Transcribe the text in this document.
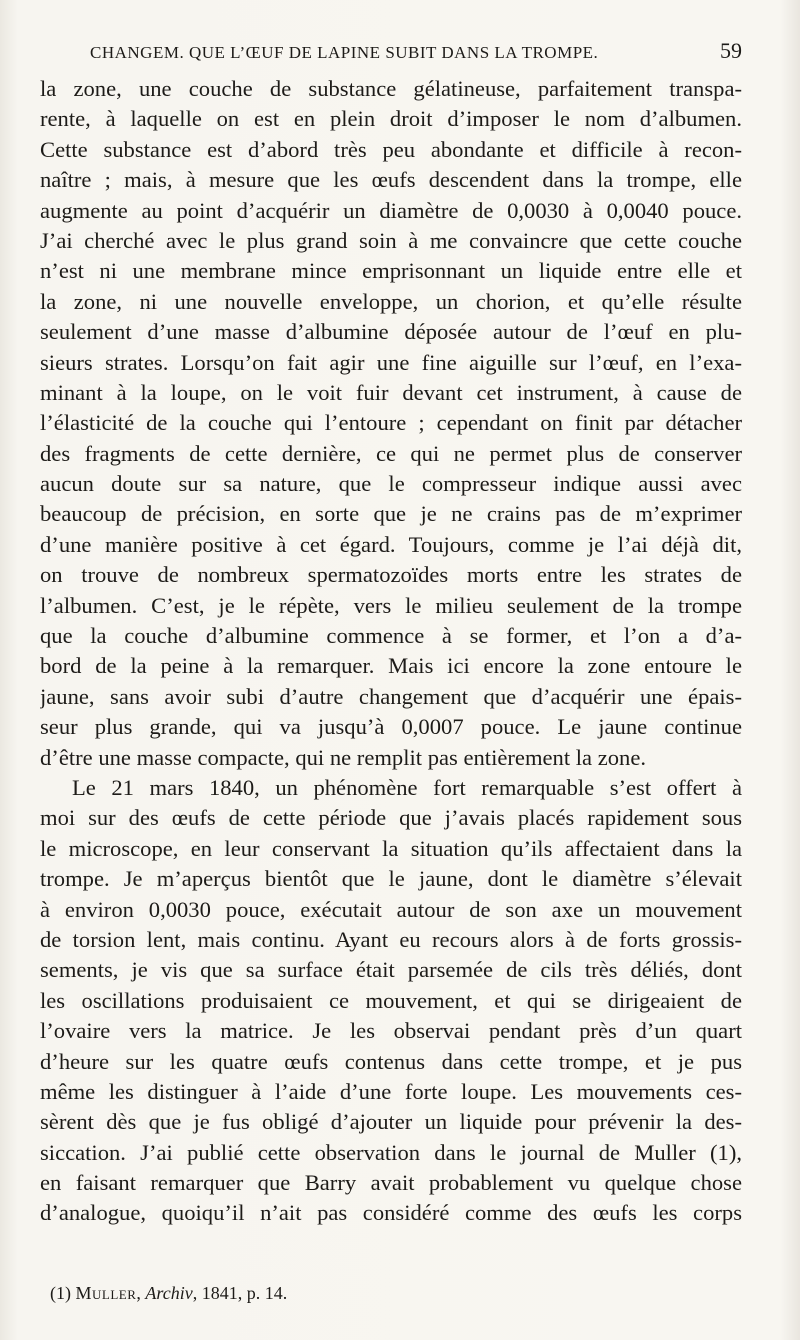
CHANGEM. QUE L’ŒUF DE LAPINE SUBIT DANS LA TROMPE.	59
la zone, une couche de substance gélatineuse, parfaitement transpa-
rente, à laquelle on est en plein droit d’imposer le nom d’albumen.
Cette substance est d’abord très peu abondante et difficile à recon-
naître ; mais, à mesure que les œufs descendent dans la trompe, elle
augmente au point d’acquérir un diamètre de 0,0030 à 0,0040 pouce.
J’ai cherché avec le plus grand soin à me convaincre que cette couche
n’est ni une membrane mince emprisonnant un liquide entre elle et
la zone, ni une nouvelle enveloppe, un chorion, et qu’elle résulte
seulement d’une masse d’albumine déposée autour de l’œuf en plu-
sieurs strates. Lorsqu’on fait agir une fine aiguille sur l’œuf, en l’exa-
minant à la loupe, on le voit fuir devant cet instrument, à cause de
l’élasticité de la couche qui l’entoure ; cependant on finit par détacher
des fragments de cette dernière, ce qui ne permet plus de conserver
aucun doute sur sa nature, que le compresseur indique aussi avec
beaucoup de précision, en sorte que je ne crains pas de m’exprimer
d’une manière positive à cet égard. Toujours, comme je l’ai déjà dit,
on trouve de nombreux spermatozoïdes morts entre les strates de
l’albumen. C’est, je le répète, vers le milieu seulement de la trompe
que la couche d’albumine commence à se former, et l’on a d’a-
bord de la peine à la remarquer. Mais ici encore la zone entoure le
jaune, sans avoir subi d’autre changement que d’acquérir une épais-
seur plus grande, qui va jusqu’à 0,0007 pouce. Le jaune continue
d’être une masse compacte, qui ne remplit pas entièrement la zone.
Le 21 mars 1840, un phénomène fort remarquable s’est offert à
moi sur des œufs de cette période que j’avais placés rapidement sous
le microscope, en leur conservant la situation qu’ils affectaient dans la
trompe. Je m’aperçus bientôt que le jaune, dont le diamètre s’élevait
à environ 0,0030 pouce, exécutait autour de son axe un mouvement
de torsion lent, mais continu. Ayant eu recours alors à de forts grossis-
sements, je vis que sa surface était parsemée de cils très déliés, dont
les oscillations produisaient ce mouvement, et qui se dirigeaient de
l’ovaire vers la matrice. Je les observai pendant près d’un quart
d’heure sur les quatre œufs contenus dans cette trompe, et je pus
même les distinguer à l’aide d’une forte loupe. Les mouvements ces-
sèrent dès que je fus obligé d’ajouter un liquide pour prévenir la des-
siccation. J’ai publié cette observation dans le journal de Muller (1),
en faisant remarquer que Barry avait probablement vu quelque chose
d’analogue, quoiqu’il n’ait pas considéré comme des œufs les corps
(1) Muller, Archiv, 1841, p. 14.
